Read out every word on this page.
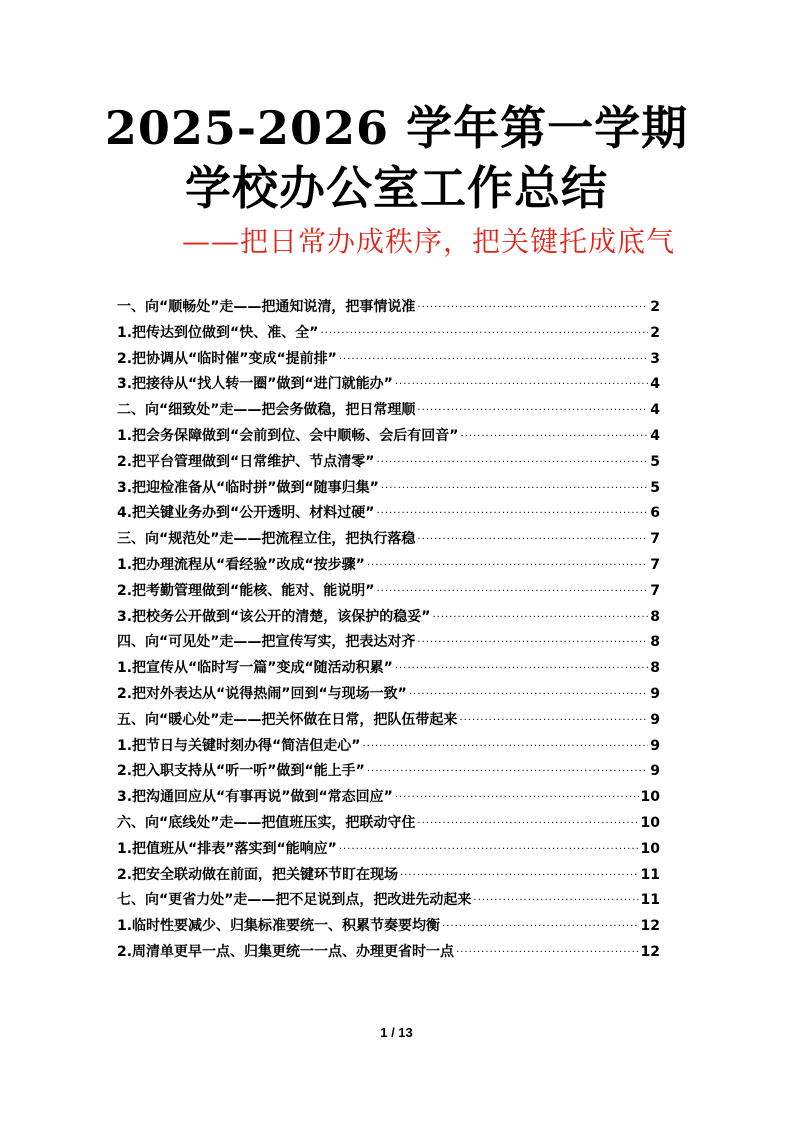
2025-2026 学年第一学期
学校办公室工作总结
——把日常办成秩序，把关键托成底气
一、向“顺畅处”走——把通知说清，把事情说准 ·····	2
1.把传达到位做到“快、准、全” ·····	2
2.把协调从“临时催”变成“提前排” ·····	3
3.把接待从“找人转一圈”做到“进门就能办” ·····	4
二、向“细致处”走——把会务做稳，把日常理顺 ·····	4
1.把会务保障做到“会前到位、会中顺畅、会后有回音” ·····	4
2.把平台管理做到“日常维护、节点清零” ·····	5
3.把迎检准备从“临时拼”做到“随事归集” ·····	5
4.把关键业务办到“公开透明、材料过硬” ·····	6
三、向“规范处”走——把流程立住，把执行落稳 ·····	7
1.把办理流程从“看经验”改成“按步骤” ·····	7
2.把考勤管理做到“能核、能对、能说明” ·····	7
3.把校务公开做到“该公开的清楚，该保护的稳妥” ·····	8
四、向“可见处”走——把宣传写实，把表达对齐 ·····	8
1.把宣传从“临时写一篇”变成“随活动积累” ·····	8
2.把对外表达从“说得热闹”回到“与现场一致” ·····	9
五、向“暖心处”走——把关怀做在日常，把队伍带起来 ·····	9
1.把节日与关键时刻办得“简洁但走心” ·····	9
2.把入职支持从“听一听”做到“能上手” ·····	9
3.把沟通回应从“有事再说”做到“常态回应” ·····	10
六、向“底线处”走——把值班压实，把联动守住 ·····	10
1.把值班从“排表”落实到“能响应” ·····	10
2.把安全联动做在前面，把关键环节盯在现场 ·····	11
七、向“更省力处”走——把不足说到点，把改进先动起来 ·····	11
1.临时性要减少、归集标准要统一、积累节奏要均衡 ·····	12
2.周清单更早一点、归集更统一一点、办理更省时一点 ·····	12
1 / 13
